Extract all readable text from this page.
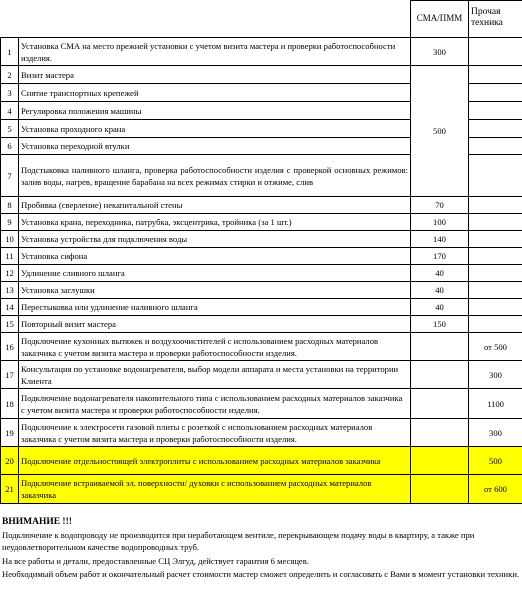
		СМА/ПММ	Прочая
техника
1	Установка СМА на место прежней установки с учетом визита мастера и проверки работоспособности изделия.	300	
2	Визит мастера	500	
3	Снятие транспортных крепежей		
4	Регулировка положения машины		
5	Установка проходного крана		
6	Установка переходной втулки		
7	Подстыковка наливного шланга, проверка работоспособности изделия с проверкой основных режимов: залив воды, нагрев, вращение барабана на всех режимах стирки и отжиме, слив		
8	Пробивка (сверление) некапитальной стены	70	
9	Установка крана, переходника, патрубка, эксцентрика, тройника (за 1 шт.)	100	
10	Установка устройства для подключения воды	140	
11	Установка сифона	170	
12	Удлинение сливного шланга	40	
13	Установка заглушки	40	
14	Перестыковка или удлинение наливного шланга	40	
15	Повторный визит мастера	150	
16	Подключение кухонных вытяжек и воздухоочистителей с использованием расходных материалов заказчика с учетом визита мастера и проверки работоспособности изделия.		от 500
17	Консультация по установке водонагревателя, выбор модели аппарата и места установки на территории Клиента		300
18	Подключение водонагревателя накопительного типа с использованием расходных материалов заказчика с учетом визита мастера и проверки работоспособности изделия.		1100
19	Подключение к электросети газовой плиты с розеткой с использованием расходных материалов заказчика с учетом визита мастера и проверки работоспособности изделия.		300
20	Подключение отдельностоящей электроплиты с использованием расходных материалов заказчика		500
21	Подключение встраиваемой эл. поверхности/ духовки с использованием расходных материалов заказчика		от 600
ВНИМАНИЕ !!!
Подключение к водопроводу не производится при неработающем вентиле, перекрывающем подачу воды в квартиру, а также при неудовлетворительном качестве водопроводных труб.
На все работы и детали, предоставленные СЦ Элгуд, действует гарантия 6 месяцев.
Необходимый объем работ и окончательный расчет стоимости мастер сможет определить и согласовать с Вами в момент установки техники.
